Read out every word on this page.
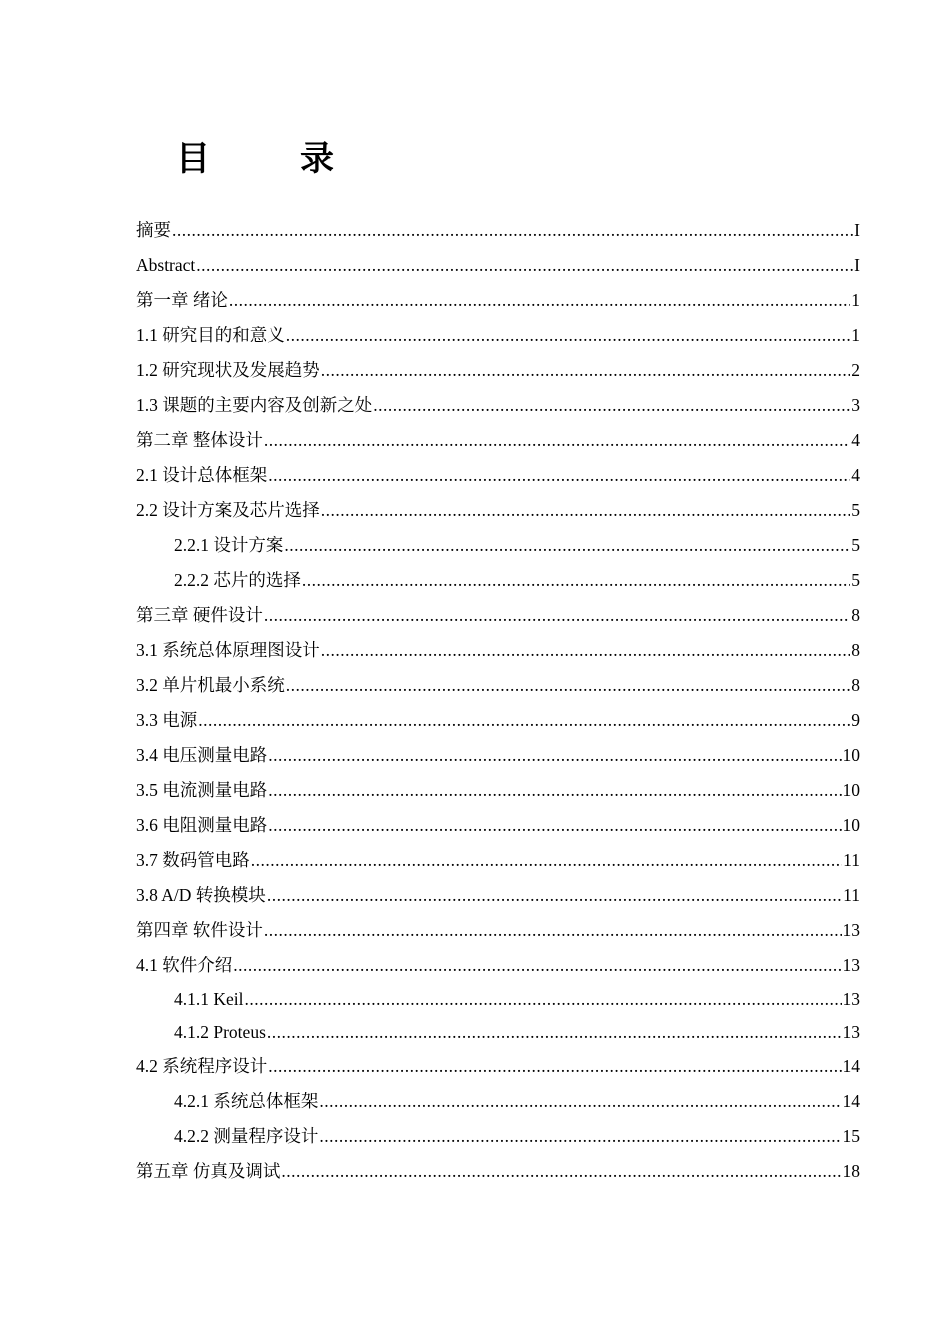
目　录
摘要 .....	I
Abstract .....	I
第一章 绪论 .....	1
1.1 研究目的和意义 .....	1
1.2 研究现状及发展趋势 .....	2
1.3 课题的主要内容及创新之处 .....	3
第二章 整体设计 .....	4
2.1 设计总体框架 .....	4
2.2 设计方案及芯片选择 .....	5
2.2.1 设计方案 .....	5
2.2.2 芯片的选择 .....	5
第三章 硬件设计 .....	8
3.1 系统总体原理图设计 .....	8
3.2 单片机最小系统 .....	8
3.3 电源 .....	9
3.4 电压测量电路 .....	10
3.5 电流测量电路 .....	10
3.6 电阻测量电路 .....	10
3.7 数码管电路 .....	11
3.8 A/D 转换模块 .....	11
第四章 软件设计 .....	13
4.1 软件介绍 .....	13
4.1.1 Keil .....	13
4.1.2 Proteus .....	13
4.2 系统程序设计 .....	14
4.2.1 系统总体框架 .....	14
4.2.2 测量程序设计 .....	15
第五章 仿真及调试 .....	18
